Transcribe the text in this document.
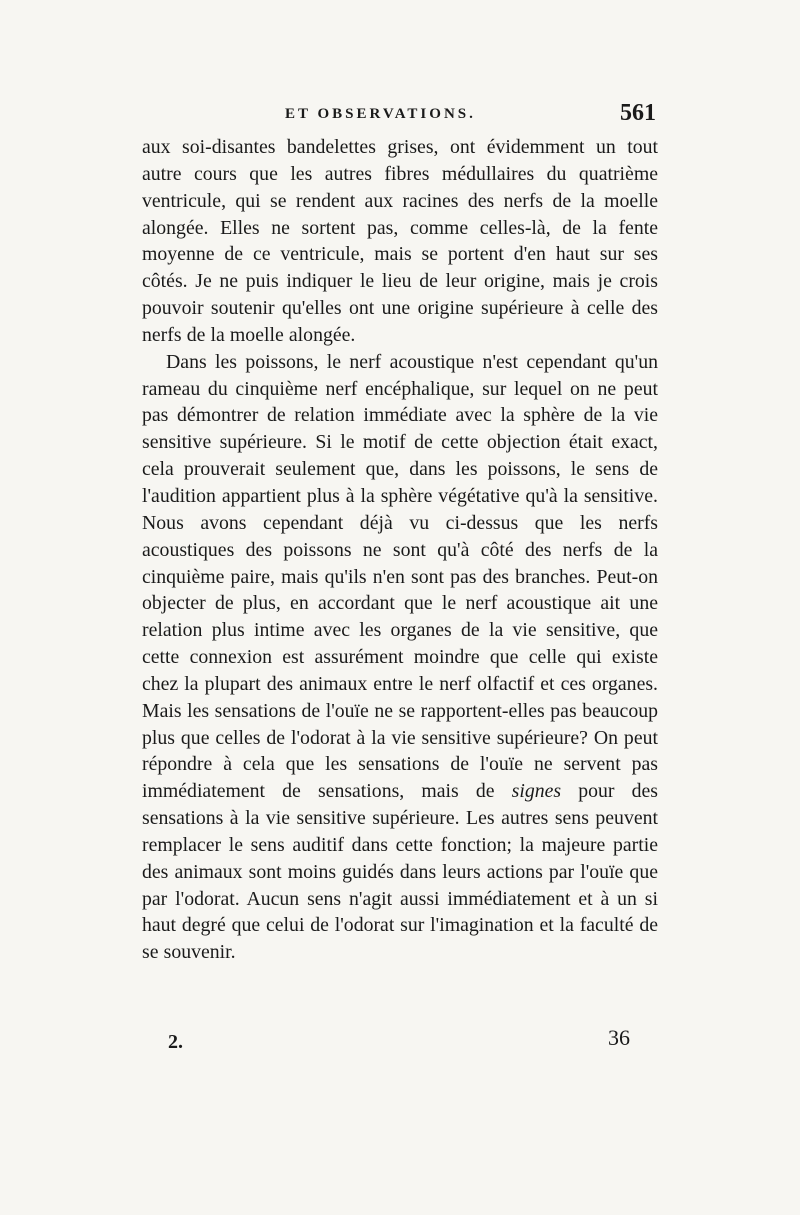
ET OBSERVATIONS.	561

aux soi-disantes bandelettes grises, ont évidemment un tout autre cours que les autres fibres médullaires du quatrième ventricule, qui se rendent aux racines des nerfs de la moelle alongée. Elles ne sortent pas, comme celles-là, de la fente moyenne de ce ventricule, mais se portent d'en haut sur ses côtés. Je ne puis indiquer le lieu de leur origine, mais je crois pouvoir soutenir qu'elles ont une origine supérieure à celle des nerfs de la moelle alongée.

Dans les poissons, le nerf acoustique n'est cependant qu'un rameau du cinquième nerf encéphalique, sur lequel on ne peut pas démontrer de relation immédiate avec la sphère de la vie sensitive supérieure. Si le motif de cette objection était exact, cela prouverait seulement que, dans les poissons, le sens de l'audition appartient plus à la sphère végétative qu'à la sensitive. Nous avons cependant déjà vu ci-dessus que les nerfs acoustiques des poissons ne sont qu'à côté des nerfs de la cinquième paire, mais qu'ils n'en sont pas des branches. Peut-on objecter de plus, en accordant que le nerf acoustique ait une relation plus intime avec les organes de la vie sensitive, que cette connexion est assurément moindre que celle qui existe chez la plupart des animaux entre le nerf olfactif et ces organes. Mais les sensations de l'ouïe ne se rapportent-elles pas beaucoup plus que celles de l'odorat à la vie sensitive supérieure? On peut répondre à cela que les sensations de l'ouïe ne servent pas immédiatement de sensations, mais de signes pour des sensations à la vie sensitive supérieure. Les autres sens peuvent remplacer le sens auditif dans cette fonction; la majeure partie des animaux sont moins guidés dans leurs actions par l'ouïe que par l'odorat. Aucun sens n'agit aussi immédiatement et à un si haut degré que celui de l'odorat sur l'imagination et la faculté de se souvenir.

2.	36
